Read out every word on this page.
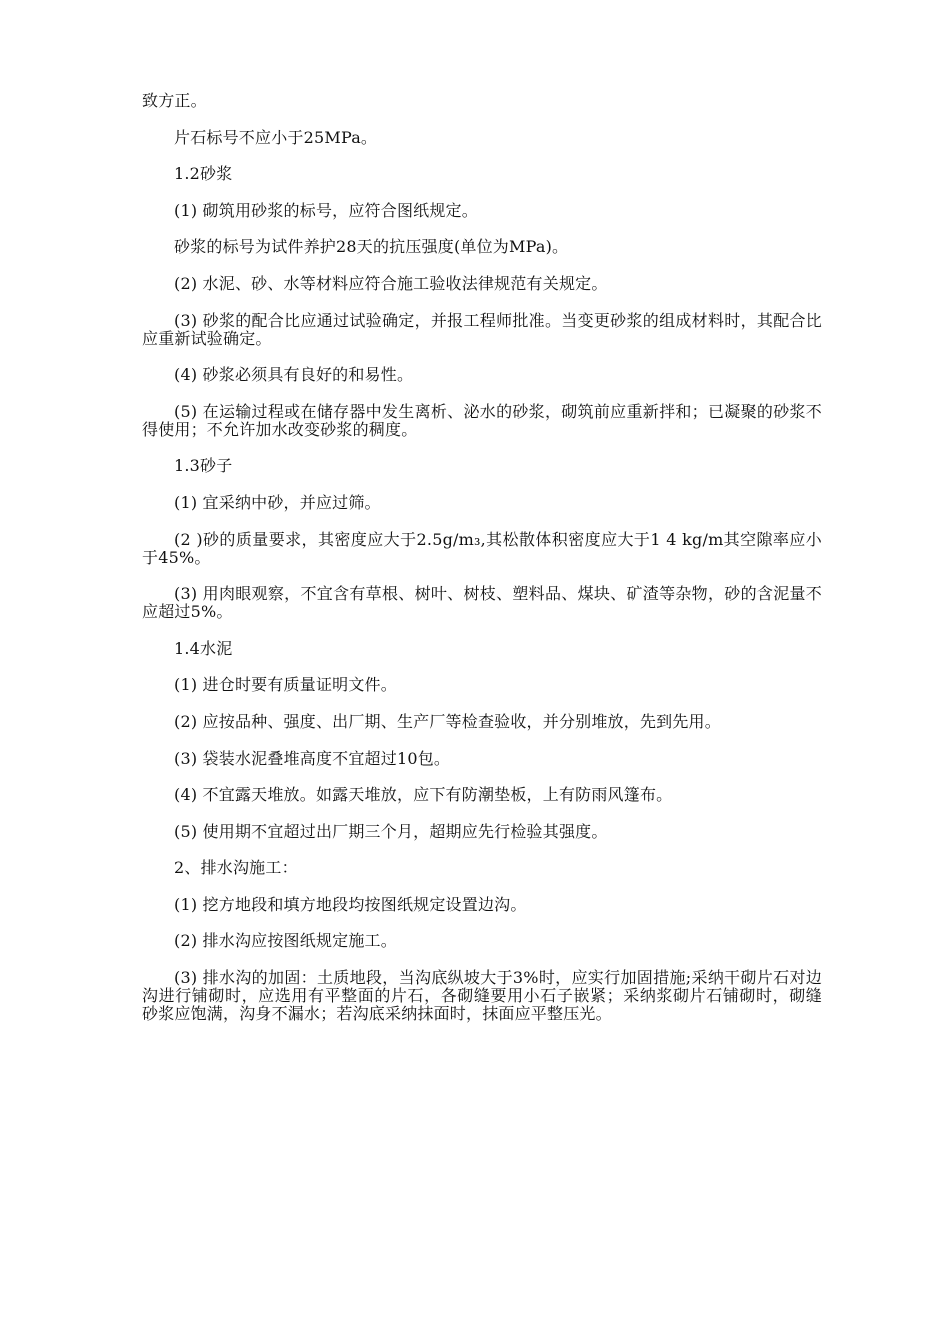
致方正。

片石标号不应小于25MPa。

1.2砂浆

(1) 砌筑用砂浆的标号，应符合图纸规定。

砂浆的标号为试件养护28天的抗压强度(单位为MPa)。

(2) 水泥、砂、水等材料应符合施工验收法律规范有关规定。

(3) 砂浆的配合比应通过试验确定，并报工程师批准。当变更砂浆的组成材料时，其配合比应重新试验确定。

(4) 砂浆必须具有良好的和易性。

(5) 在运输过程或在储存器中发生离析、泌水的砂浆，砌筑前应重新拌和；已凝聚的砂浆不得使用；不允许加水改变砂浆的稠度。

1.3砂子

(1) 宜采纳中砂，并应过筛。

(2 )砂的质量要求，其密度应大于2.5g/m₃,其松散体积密度应大于1 4 kg/m其空隙率应小于45%。

(3) 用肉眼观察，不宜含有草根、树叶、树枝、塑料品、煤块、矿渣等杂物，砂的含泥量不应超过5%。

1.4水泥

(1) 进仓时要有质量证明文件。

(2) 应按品种、强度、出厂期、生产厂等检查验收，并分别堆放，先到先用。

(3) 袋装水泥叠堆高度不宜超过10包。

(4) 不宜露天堆放。如露天堆放，应下有防潮垫板，上有防雨风篷布。

(5) 使用期不宜超过出厂期三个月，超期应先行检验其强度。

2、排水沟施工：

(1) 挖方地段和填方地段均按图纸规定设置边沟。

(2) 排水沟应按图纸规定施工。

(3) 排水沟的加固：土质地段，当沟底纵坡大于3%时，应实行加固措施;采纳干砌片石对边沟进行铺砌时，应选用有平整面的片石，各砌缝要用小石子嵌紧；采纳浆砌片石铺砌时，砌缝砂浆应饱满，沟身不漏水；若沟底采纳抹面时，抹面应平整压光。
